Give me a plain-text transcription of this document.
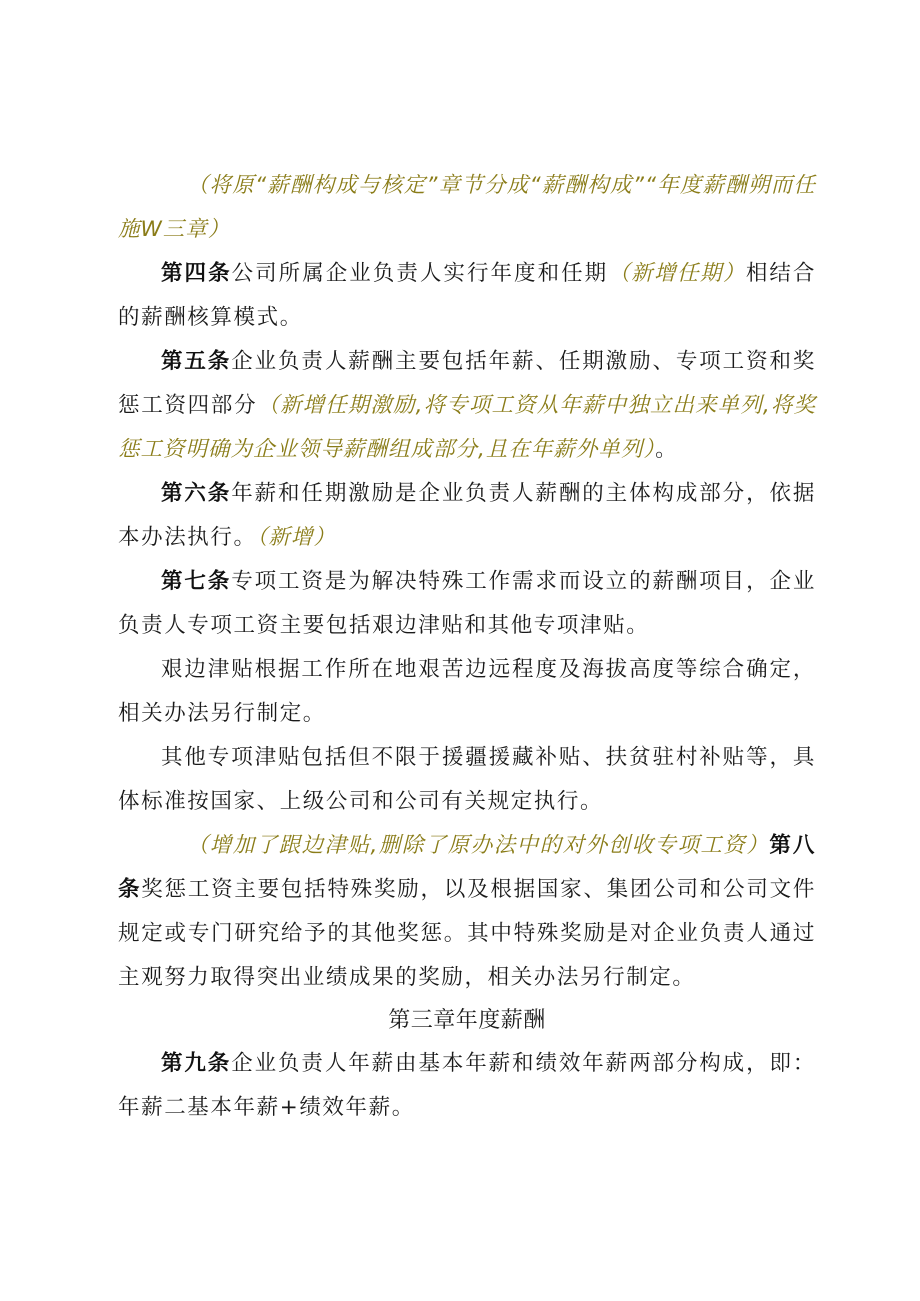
（将原“薪酬构成与核定”章节分成“薪酬构成”“年度薪酬朔而任施W三章）

第四条公司所属企业负责人实行年度和任期（新增任期）相结合的薪酬核算模式。

第五条企业负责人薪酬主要包括年薪、任期激励、专项工资和奖惩工资四部分（新增任期激励,将专项工资从年薪中独立出来单列,将奖惩工资明确为企业领导薪酬组成部分,且在年薪外单列）。

第六条年薪和任期激励是企业负责人薪酬的主体构成部分，依据本办法执行。（新增）

第七条专项工资是为解决特殊工作需求而设立的薪酬项目，企业负责人专项工资主要包括艰边津贴和其他专项津贴。

艰边津贴根据工作所在地艰苦边远程度及海拔高度等综合确定，相关办法另行制定。

其他专项津贴包括但不限于援疆援藏补贴、扶贫驻村补贴等，具体标准按国家、上级公司和公司有关规定执行。

（增加了跟边津贴,删除了原办法中的对外创收专项工资）第八条奖惩工资主要包括特殊奖励，以及根据国家、集团公司和公司文件规定或专门研究给予的其他奖惩。其中特殊奖励是对企业负责人通过主观努力取得突出业绩成果的奖励，相关办法另行制定。

第三章年度薪酬

第九条企业负责人年薪由基本年薪和绩效年薪两部分构成，即：年薪二基本年薪+绩效年薪。
